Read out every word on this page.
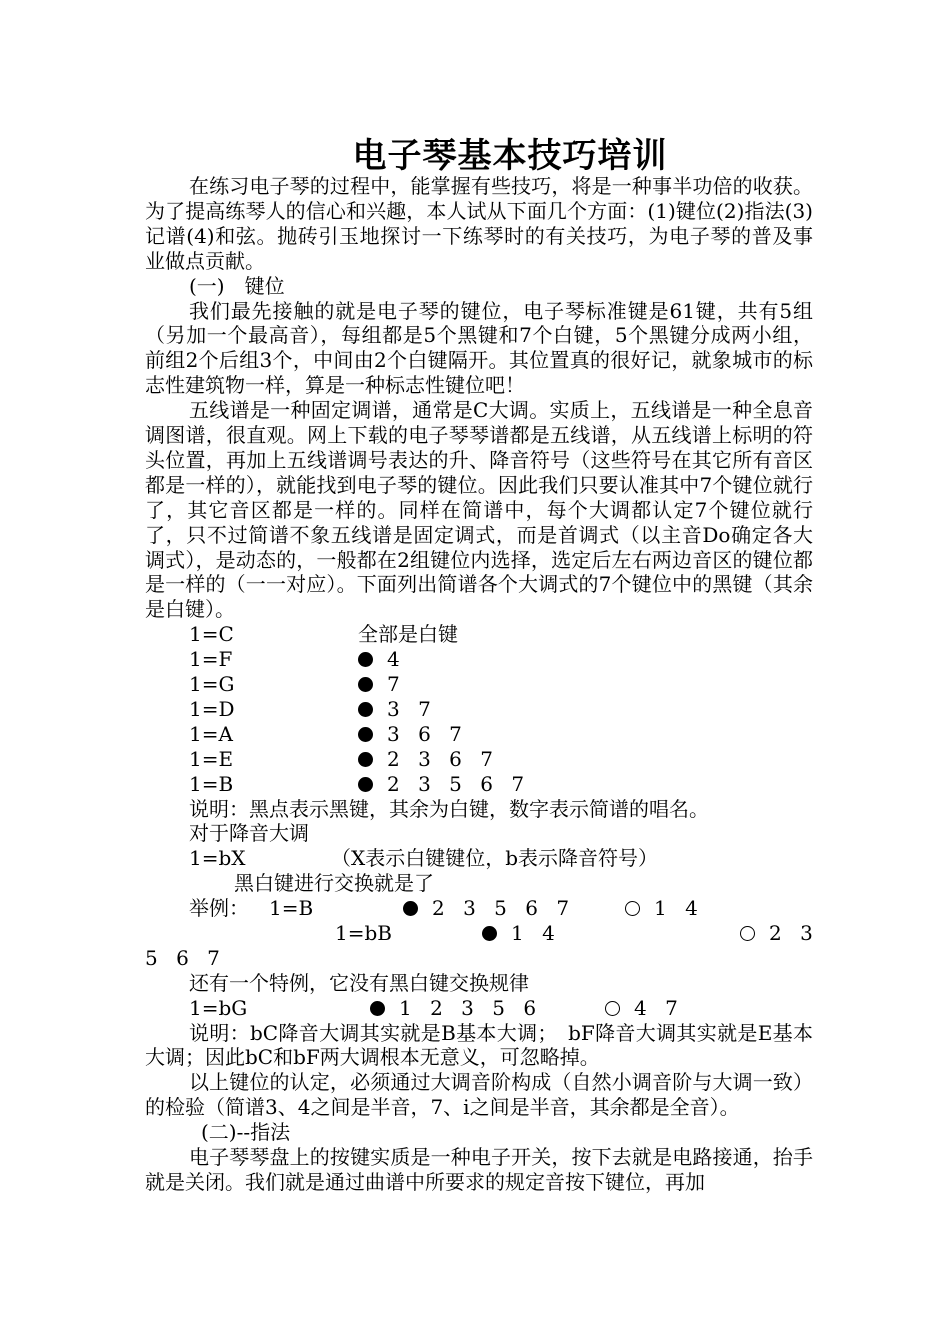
电子琴基本技巧培训
在练习电子琴的过程中，能掌握有些技巧，将是一种事半功倍的收获。为了提高练琴人的信心和兴趣，本人试从下面几个方面：(1)键位(2)指法(3)记谱(4)和弦。抛砖引玉地探讨一下练琴时的有关技巧，为电子琴的普及事业做点贡献。
(一)　键位
我们最先接触的就是电子琴的键位，电子琴标准键是61键，共有5组（另加一个最高音），每组都是5个黑键和7个白键，5个黑键分成两小组，前组2个后组3个，中间由2个白键隔开。其位置真的很好记，就象城市的标志性建筑物一样，算是一种标志性键位吧！
五线谱是一种固定调谱，通常是C大调。实质上，五线谱是一种全息音调图谱，很直观。网上下载的电子琴琴谱都是五线谱，从五线谱上标明的符头位置，再加上五线谱调号表达的升、降音符号（这些符号在其它所有音区都是一样的），就能找到电子琴的键位。因此我们只要认准其中7个键位就行了，其它音区都是一样的。同样在简谱中，每个大调都认定7个键位就行了，只不过简谱不象五线谱是固定调式，而是首调式（以主音Do确定各大调式），是动态的，一般都在2组键位内选择，选定后左右两边音区的键位都是一样的（一一对应）。下面列出简谱各个大调式的7个键位中的黑键（其余是白键）。
1=C	全部是白键
1=F	4
1=G	7
1=D	3 7
1=A	3 6 7
1=E	2 3 6 7
1=B	2 3 5 6 7
说明：黑点表示黑键，其余为白键，数字表示简谱的唱名。
对于降音大调
1=bX	（X表示白键键位，b表示降音符号）
黑白键进行交换就是了
举例： 1=B	2 3 5 6 7	1 4
1=bB	1 4	2 3
5 6 7
还有一个特例，它没有黑白键交换规律
1=bG	1 2 3 5 6	4 7
说明：bC降音大调其实就是B基本大调；　bF降音大调其实就是E基本大调；因此bC和bF两大调根本无意义，可忽略掉。
以上键位的认定，必须通过大调音阶构成（自然小调音阶与大调一致）的检验（简谱3、4之间是半音，7、i之间是半音，其余都是全音）。
(二)--指法
电子琴琴盘上的按键实质是一种电子开关，按下去就是电路接通，抬手就是关闭。我们就是通过曲谱中所要求的规定音按下键位，再加
